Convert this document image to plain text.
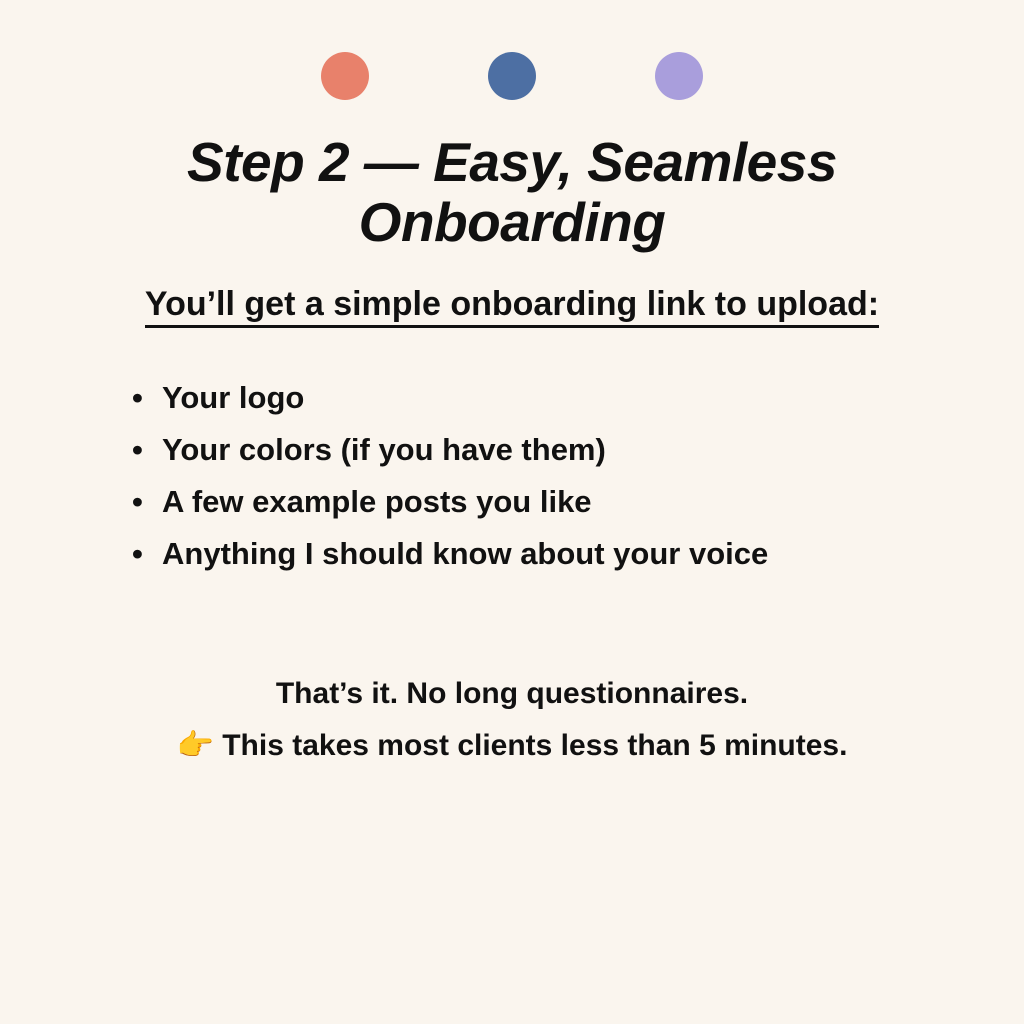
Step 2 — Easy, Seamless Onboarding
You’ll get a simple onboarding link to upload:
• Your logo
• Your colors (if you have them)
• A few example posts you like
• Anything I should know about your voice
That’s it. No long questionnaires.
👉 This takes most clients less than 5 minutes.
